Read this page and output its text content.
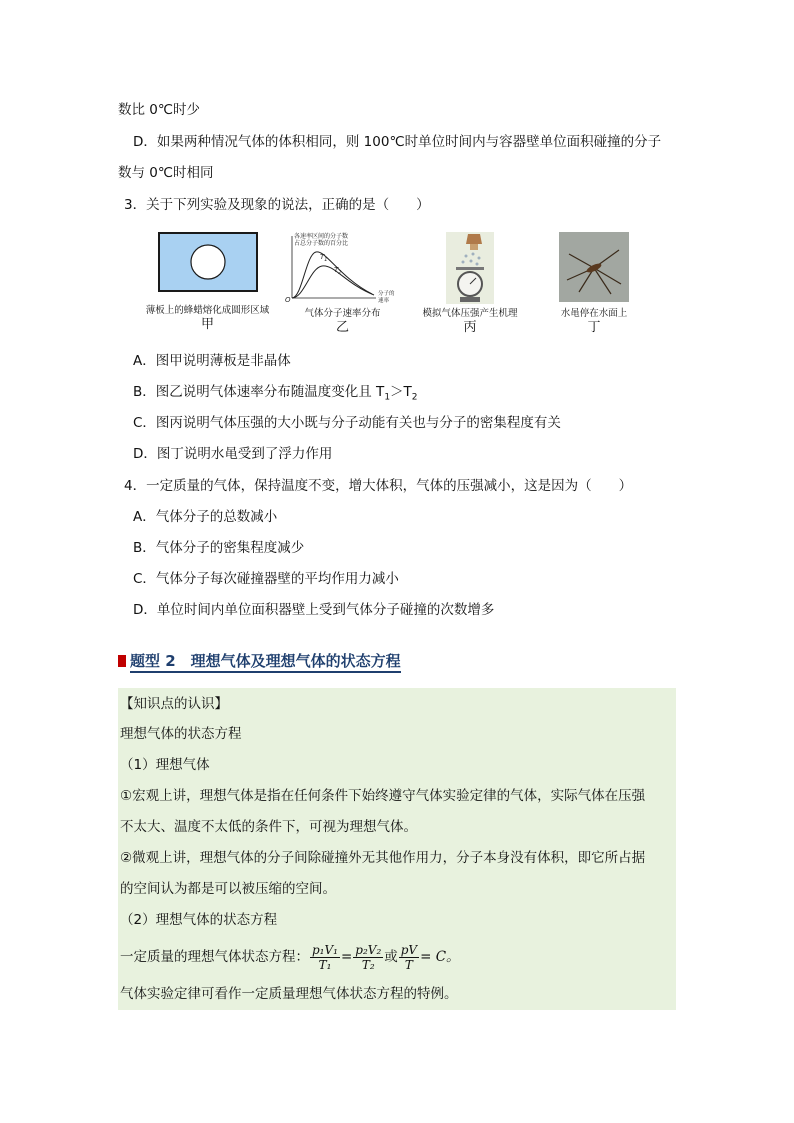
数比 0℃时少
D．如果两种情况气体的体积相同，则 100℃时单位时间内与容器壁单位面积碰撞的分子
数与 0℃时相同
3．关于下列实验及现象的说法，正确的是（　　）
薄板上的蜂蜡熔化成圆形区域
甲
各速率区间的分子数
占总分子数的百分比
$T_1$
$T_2$
O
分子的
速率
气体分子速率分布
乙
模拟气体压强产生机理
丙
水黾停在水面上
丁
A．图甲说明薄板是非晶体
B．图乙说明气体速率分布随温度变化且 $T_1>T_2$
C．图丙说明气体压强的大小既与分子动能有关也与分子的密集程度有关
D．图丁说明水黾受到了浮力作用
4．一定质量的气体，保持温度不变，增大体积，气体的压强减小，这是因为（　　）
A．气体分子的总数减小
B．气体分子的密集程度减少
C．气体分子每次碰撞器壁的平均作用力减小
D．单位时间内单位面积器壁上受到气体分子碰撞的次数增多
题型 2　理想气体及理想气体的状态方程
【知识点的认识】
理想气体的状态方程
（1）理想气体
①宏观上讲，理想气体是指在任何条件下始终遵守气体实验定律的气体，实际气体在压强
不太大、温度不太低的条件下，可视为理想气体。
②微观上讲，理想气体的分子间除碰撞外无其他作用力，分子本身没有体积，即它所占据
的空间认为都是可以被压缩的空间。
（2）理想气体的状态方程
一定质量的理想气体状态方程： $\frac{\text{p₁V₁}}{\text{T₁}} = \frac{\text{p₂V₂}}{\text{T₂}}$ 或 $\frac{pV}{T} = C$。
气体实验定律可看作一定质量理想气体状态方程的特例。
